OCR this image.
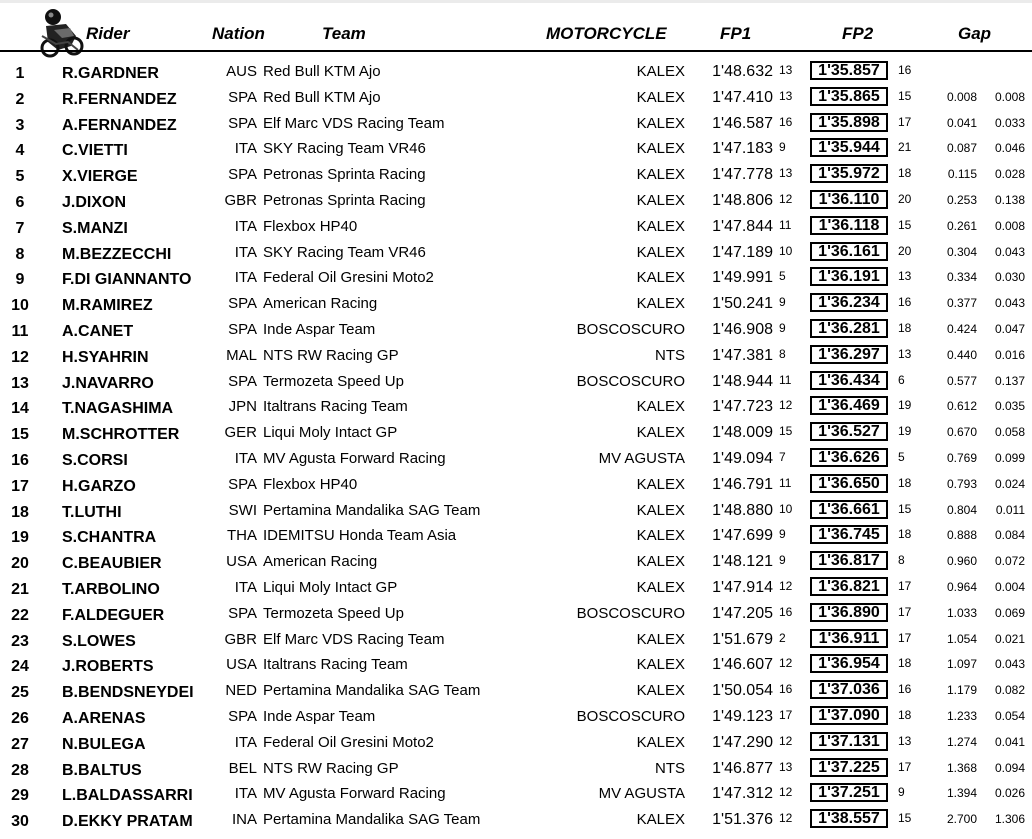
Rider	Nation	Team	MOTORCYCLE	FP1	FP2	Gap
1	R.GARDNER	AUS Red Bull KTM Ajo	KALEX	1'48.632 13	1'35.857	16
2	R.FERNANDEZ	SPA Red Bull KTM Ajo	KALEX	1'47.410 13	1'35.865	15	0.008	0.008
3	A.FERNANDEZ	SPA Elf Marc VDS Racing Team	KALEX	1'46.587 16	1'35.898	17	0.041	0.033
4	C.VIETTI	ITA SKY Racing Team VR46	KALEX	1'47.183 9	1'35.944	21	0.087	0.046
5	X.VIERGE	SPA Petronas Sprinta Racing	KALEX	1'47.778 13	1'35.972	18	0.115	0.028
6	J.DIXON	GBR Petronas Sprinta Racing	KALEX	1'48.806 12	1'36.110	20	0.253	0.138
7	S.MANZI	ITA Flexbox HP40	KALEX	1'47.844 11	1'36.118	15	0.261	0.008
8	M.BEZZECCHI	ITA SKY Racing Team VR46	KALEX	1'47.189 10	1'36.161	20	0.304	0.043
9	F.DI GIANNANTO	ITA Federal Oil Gresini Moto2	KALEX	1'49.991 5	1'36.191	13	0.334	0.030
10	M.RAMIREZ	SPA American Racing	KALEX	1'50.241 9	1'36.234	16	0.377	0.043
11	A.CANET	SPA Inde Aspar Team	BOSCOSCURO	1'46.908 9	1'36.281	18	0.424	0.047
12	H.SYAHRIN	MAL NTS RW Racing GP	NTS	1'47.381 8	1'36.297	13	0.440	0.016
13	J.NAVARRO	SPA Termozeta Speed Up	BOSCOSCURO	1'48.944 11	1'36.434	6	0.577	0.137
14	T.NAGASHIMA	JPN Italtrans Racing Team	KALEX	1'47.723 12	1'36.469	19	0.612	0.035
15	M.SCHROTTER	GER Liqui Moly Intact GP	KALEX	1'48.009 15	1'36.527	19	0.670	0.058
16	S.CORSI	ITA MV Agusta Forward Racing	MV AGUSTA	1'49.094 7	1'36.626	5	0.769	0.099
17	H.GARZO	SPA Flexbox HP40	KALEX	1'46.791 11	1'36.650	18	0.793	0.024
18	T.LUTHI	SWI Pertamina Mandalika SAG Team	KALEX	1'48.880 10	1'36.661	15	0.804	0.011
19	S.CHANTRA	THA IDEMITSU Honda Team Asia	KALEX	1'47.699 9	1'36.745	18	0.888	0.084
20	C.BEAUBIER	USA American Racing	KALEX	1'48.121 9	1'36.817	8	0.960	0.072
21	T.ARBOLINO	ITA Liqui Moly Intact GP	KALEX	1'47.914 12	1'36.821	17	0.964	0.004
22	F.ALDEGUER	SPA Termozeta Speed Up	BOSCOSCURO	1'47.205 16	1'36.890	17	1.033	0.069
23	S.LOWES	GBR Elf Marc VDS Racing Team	KALEX	1'51.679 2	1'36.911	17	1.054	0.021
24	J.ROBERTS	USA Italtrans Racing Team	KALEX	1'46.607 12	1'36.954	18	1.097	0.043
25	B.BENDSNEYDEI	NED Pertamina Mandalika SAG Team	KALEX	1'50.054 16	1'37.036	16	1.179	0.082
26	A.ARENAS	SPA Inde Aspar Team	BOSCOSCURO	1'49.123 17	1'37.090	18	1.233	0.054
27	N.BULEGA	ITA Federal Oil Gresini Moto2	KALEX	1'47.290 12	1'37.131	13	1.274	0.041
28	B.BALTUS	BEL NTS RW Racing GP	NTS	1'46.877 13	1'37.225	17	1.368	0.094
29	L.BALDASSARRI	ITA MV Agusta Forward Racing	MV AGUSTA	1'47.312 12	1'37.251	9	1.394	0.026
30	D.EKKY PRATAM	INA Pertamina Mandalika SAG Team	KALEX	1'51.376 12	1'38.557	15	2.700	1.306
